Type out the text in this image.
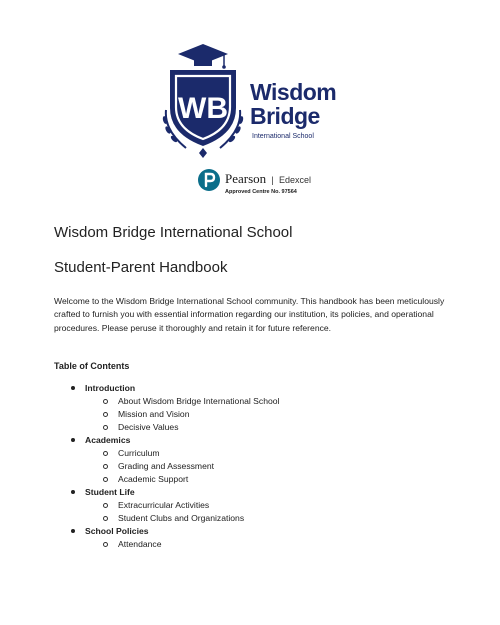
WB Wisdom
Bridge
International School
Pearson | Edexcel
Approved Centre No. 97564
Wisdom Bridge International School
Student-Parent Handbook
Welcome to the Wisdom Bridge International School community. This handbook has been meticulously crafted to furnish you with essential information regarding our institution, its policies, and operational procedures. Please peruse it thoroughly and retain it for future reference.
Table of Contents
Introduction
About Wisdom Bridge International School
Mission and Vision
Decisive Values
Academics
Curriculum
Grading and Assessment
Academic Support
Student Life
Extracurricular Activities
Student Clubs and Organizations
School Policies
Attendance
